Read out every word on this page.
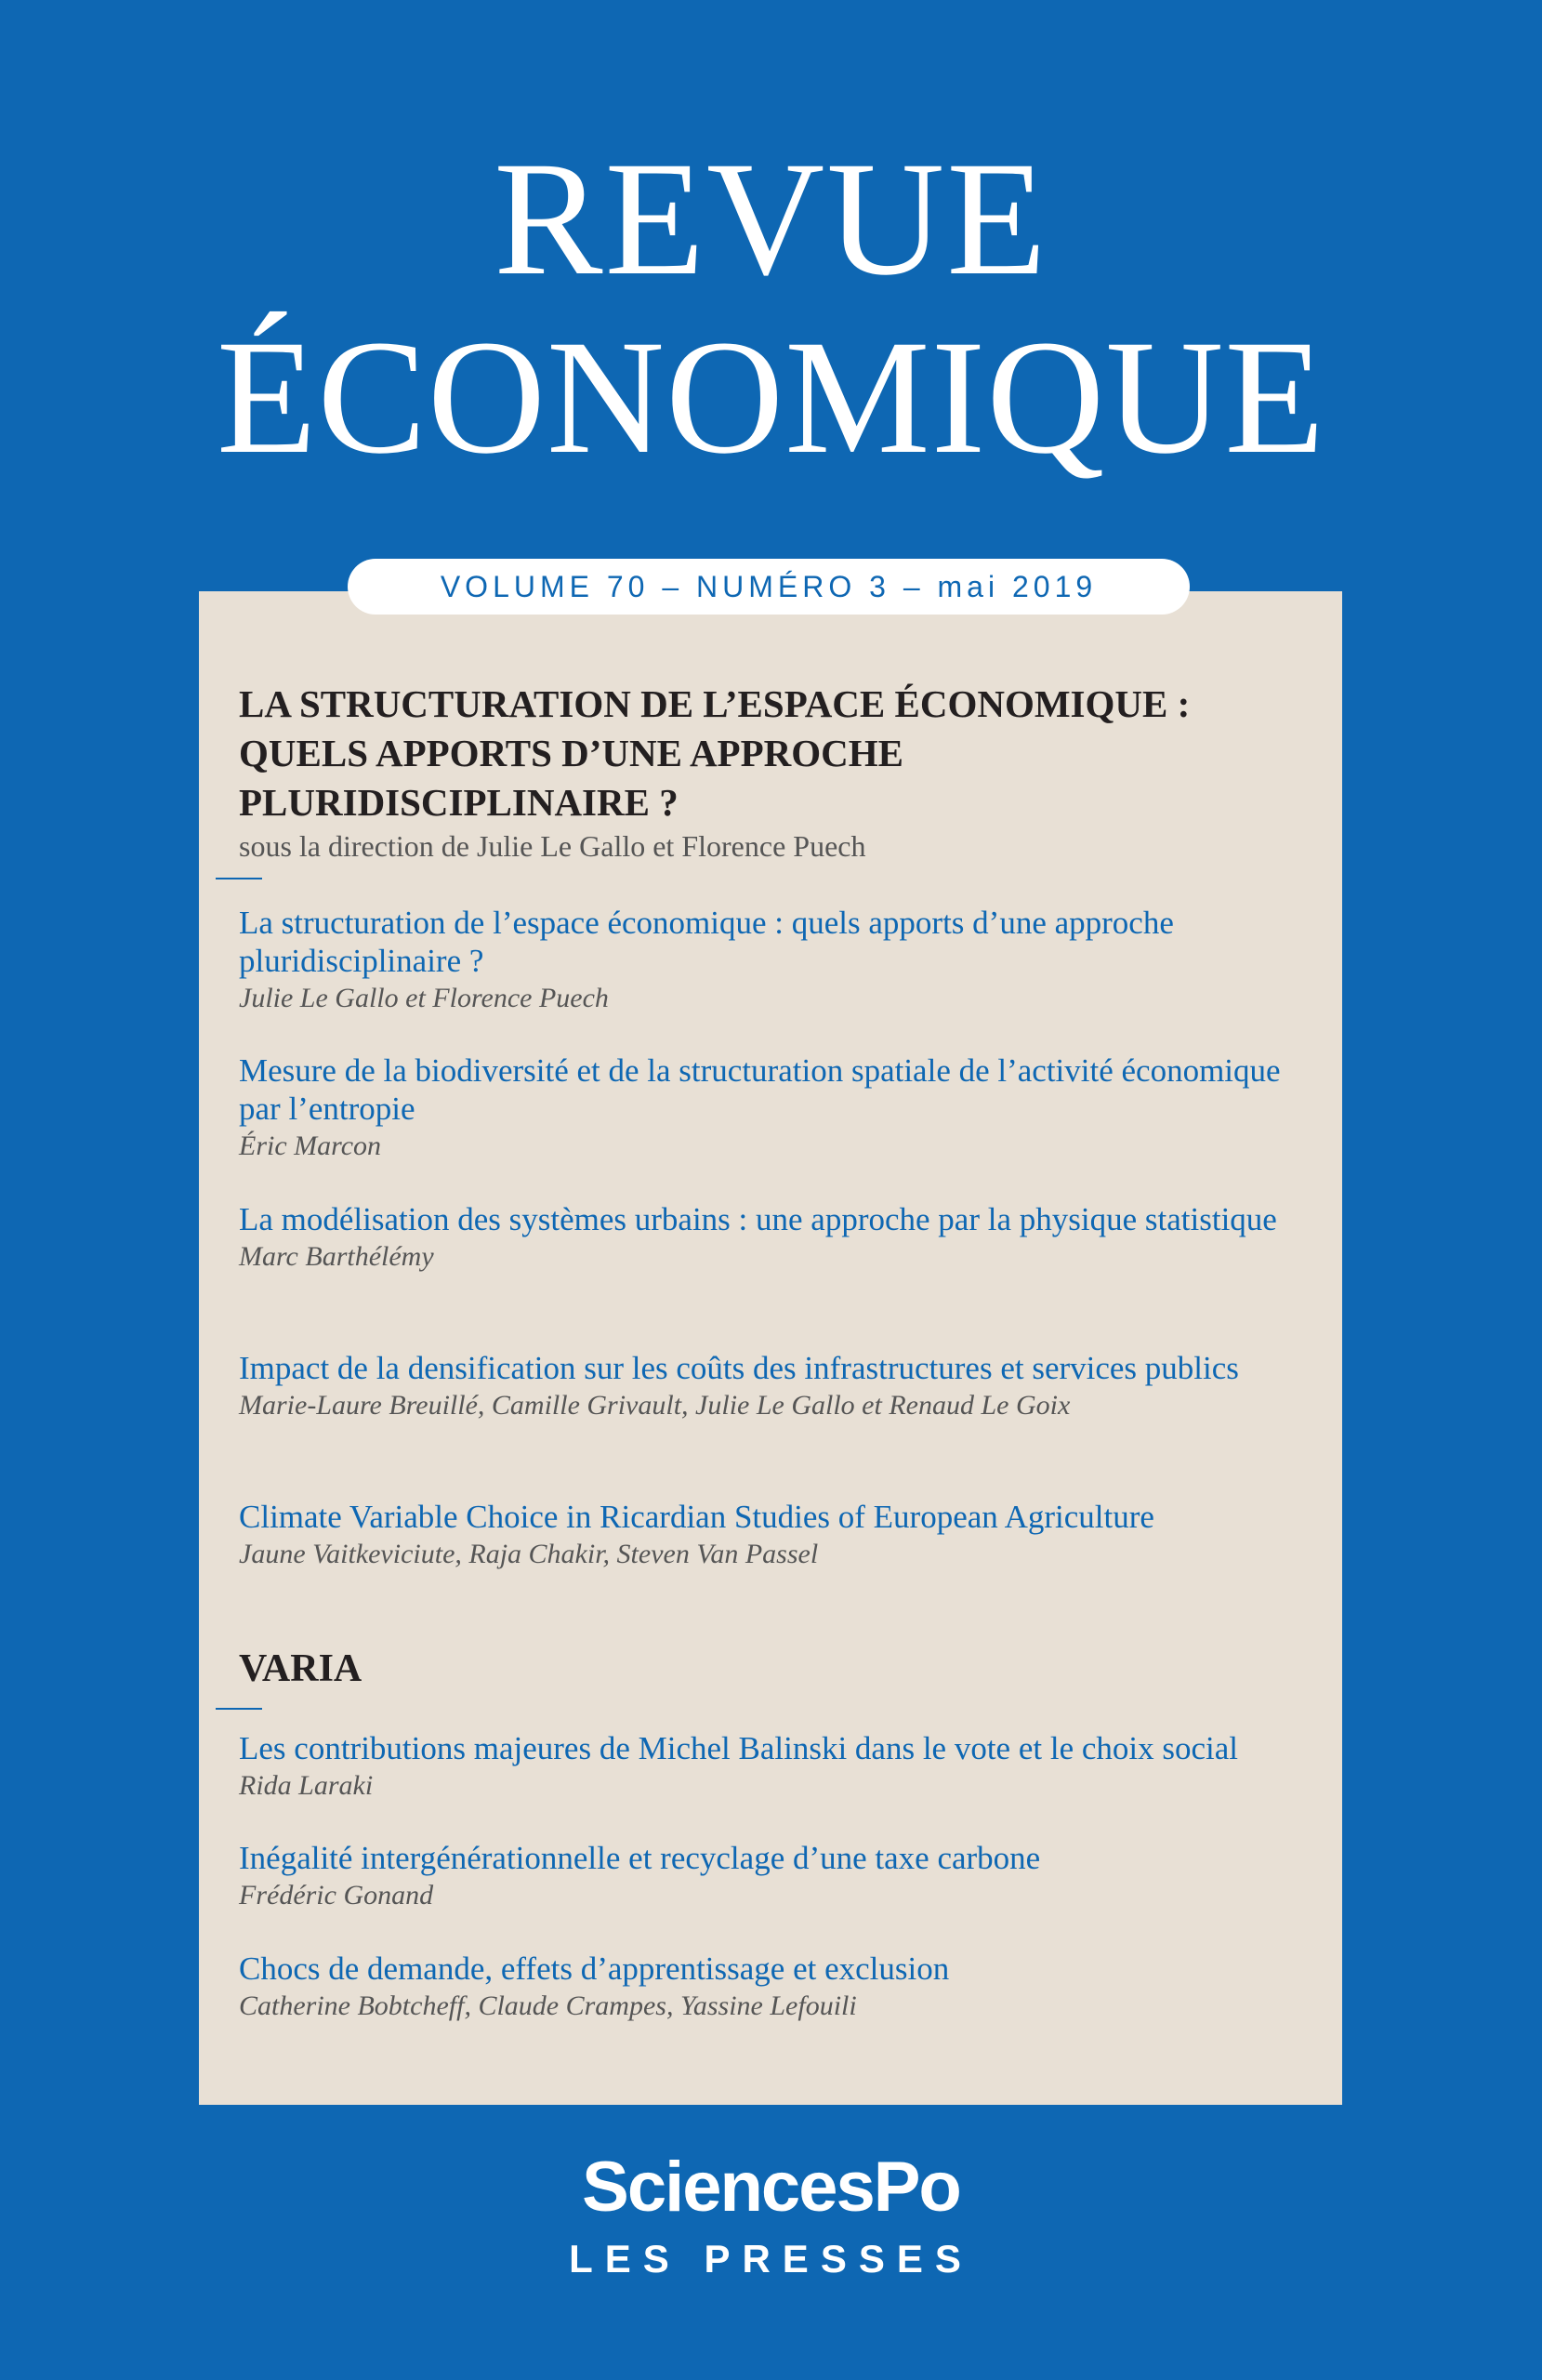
REVUE
ÉCONOMIQUE
VOLUME 70 – NUMÉRO 3 – mai 2019

LA STRUCTURATION DE L’ESPACE ÉCONOMIQUE : QUELS APPORTS D’UNE APPROCHE PLURIDISCIPLINAIRE ?

sous la direction de Julie Le Gallo et Florence Puech

La structuration de l’espace économique : quels apports d’une approche pluridisciplinaire ?

Julie Le Gallo et Florence Puech

Mesure de la biodiversité et de la structuration spatiale de l’activité économique par l’entropie

Éric Marcon

La modélisation des systèmes urbains : une approche par la physique statistique

Marc Barthélémy

Impact de la densification sur les coûts des infrastructures et services publics

Marie-Laure Breuillé, Camille Grivault, Julie Le Gallo et Renaud Le Goix

Climate Variable Choice in Ricardian Studies of European Agriculture

Jaune Vaitkeviciute, Raja Chakir, Steven Van Passel

VARIA

Les contributions majeures de Michel Balinski dans le vote et le choix social

Rida Laraki

Inégalité intergénérationnelle et recyclage d’une taxe carbone

Frédéric Gonand

Chocs de demande, effets d’apprentissage et exclusion

Catherine Bobtcheff, Claude Crampes, Yassine Lefouili

SciencesPo
LES PRESSES
